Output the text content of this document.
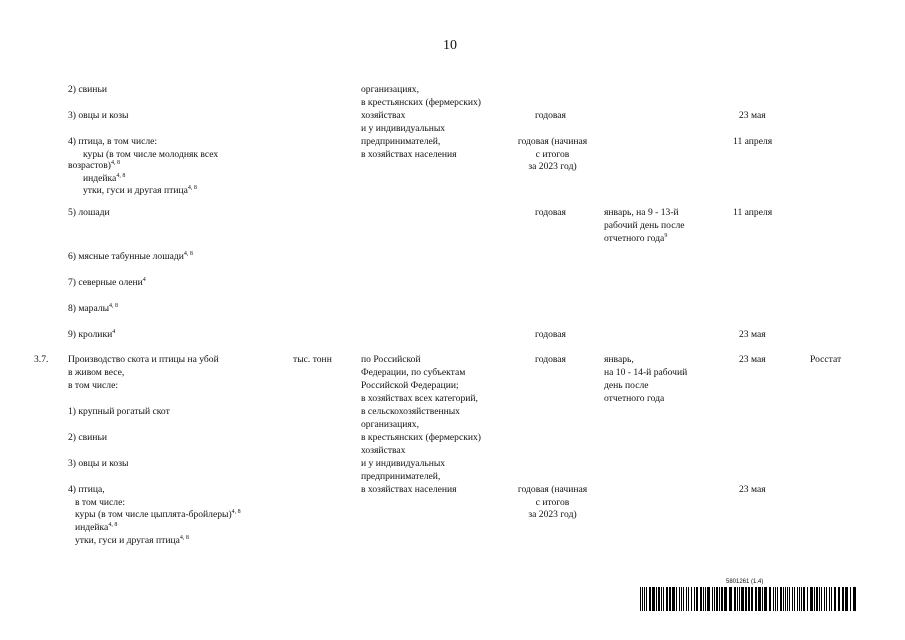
10
2) свиньи
3) овцы и козы
4) птица, в том числе:
куры (в том числе молодняк всех
возрастов)$^{4, 8}$
индейка$^{4, 8}$
утки, гуси и другая птица$^{4, 8}$
5) лошади
6) мясные табунные лошади$^{4, 8}$
7) северные олени$^4$
8) маралы$^{4, 8}$
9) кролики$^4$
организациях,
в крестьянских (фермерских)
хозяйствах
и у индивидуальных
предпринимателей,
в хозяйствах населения
годовая
годовая (начиная
с итогов
за 2023 год)
годовая
годовая
январь, на 9 - 13-й
рабочий день после
отчетного года$^9$
23 мая
11 апреля
11 апреля
23 мая
3.7. Производство скота и птицы на убой
в живом весе,
в том числе:
1) крупный рогатый скот
2) свиньи
3) овцы и козы
4) птица,
в том числе:
куры (в том числе цыплята-бройлеры)$^{4, 8}$
индейка$^{4, 8}$
утки, гуси и другая птица$^{4, 8}$
тыс. тонн	по Российской
Федерации, по субъектам
Российской Федерации;
в хозяйствах всех категорий,
в сельскохозяйственных
организациях,
в крестьянских (фермерских)
хозяйствах
и у индивидуальных
предпринимателей,
в хозяйствах населения
годовая
годовая (начиная
с итогов
за 2023 год)
январь,
на 10 - 14-й рабочий
день после
отчетного года
23 мая
23 мая
Росстат
5801261 (1.4)
